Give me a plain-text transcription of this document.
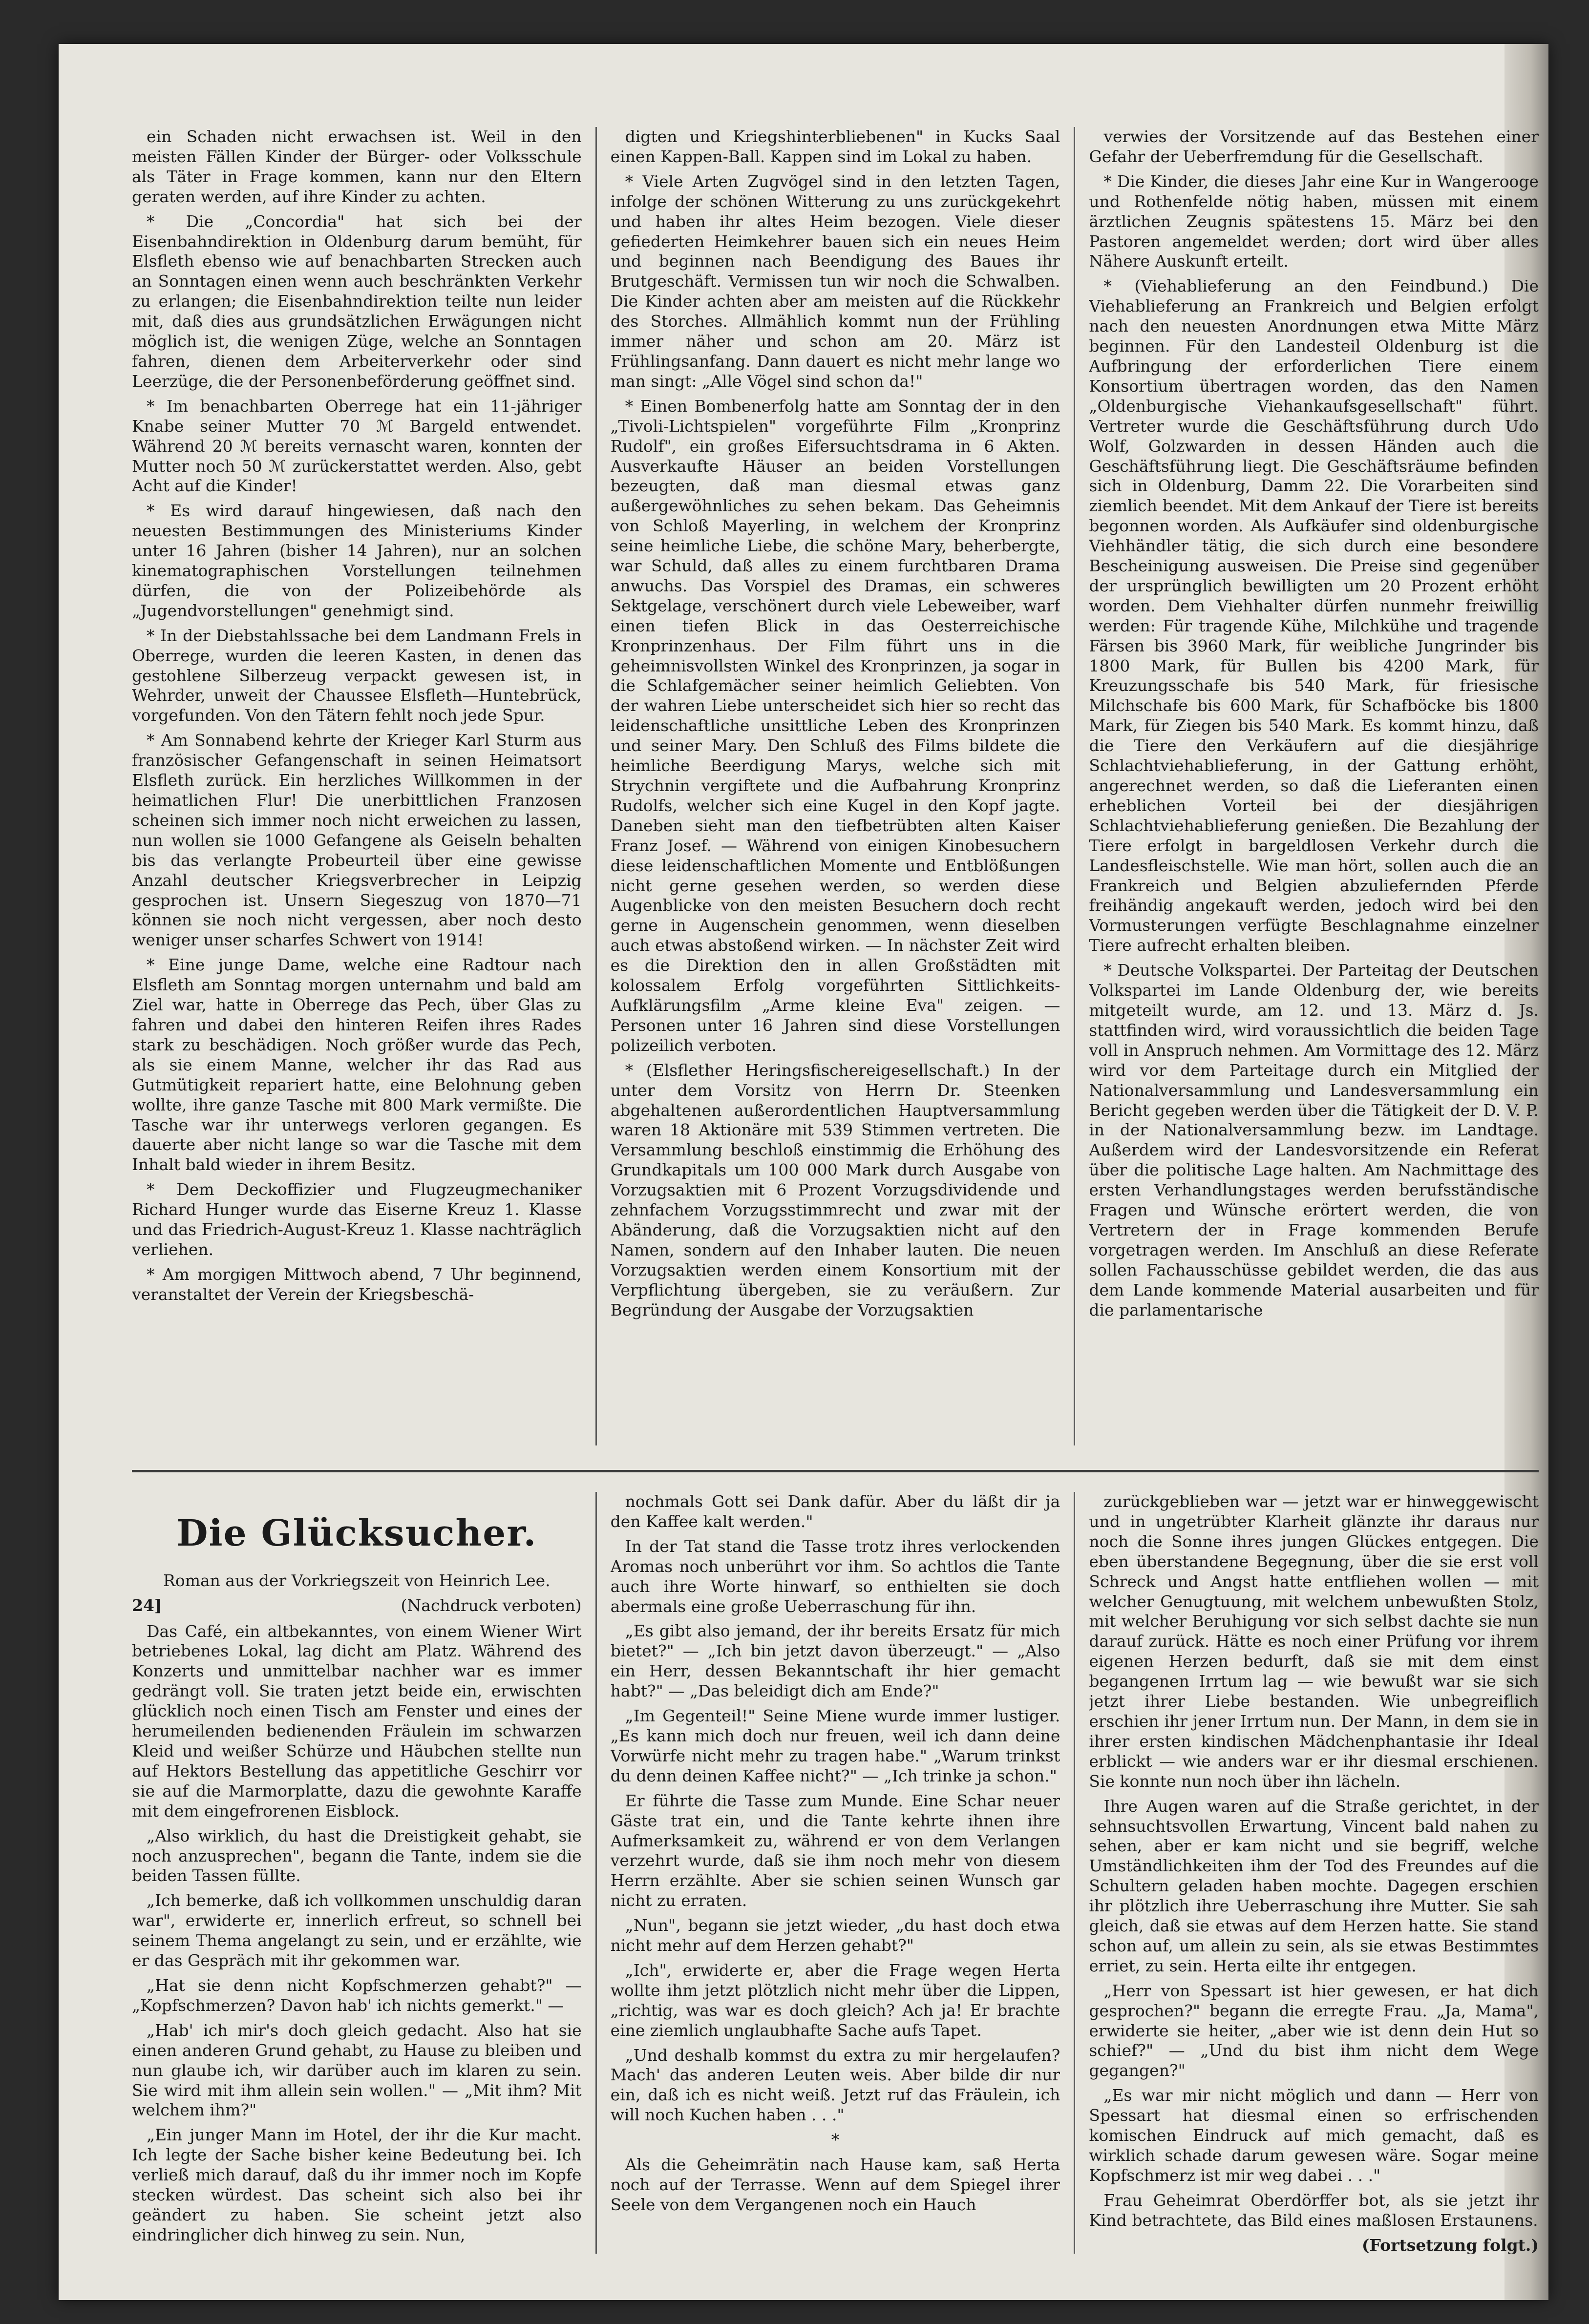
ein Schaden nicht erwachsen ist. Weil in den meisten Fällen Kinder der Bürger- oder Volksschule als Täter in Frage kommen, kann nur den Eltern geraten werden, auf ihre Kinder zu achten.

* Die „Concordia" hat sich bei der Eisenbahndirektion in Oldenburg darum bemüht, für Elsfleth ebenso wie auf benachbarten Strecken auch an Sonntagen einen wenn auch beschränkten Verkehr zu erlangen; die Eisenbahndirektion teilte nun leider mit, daß dies aus grundsätzlichen Erwägungen nicht möglich ist, die wenigen Züge, welche an Sonntagen fahren, dienen dem Arbeiterverkehr oder sind Leerzüge, die der Personenbeförderung geöffnet sind.

* Im benachbarten Oberrege hat ein 11-jähriger Knabe seiner Mutter 70 ℳ Bargeld entwendet. Während 20 ℳ bereits vernascht waren, konnten der Mutter noch 50 ℳ zurückerstattet werden. Also, gebt Acht auf die Kinder!

* Es wird darauf hingewiesen, daß nach den neuesten Bestimmungen des Ministeriums Kinder unter 16 Jahren (bisher 14 Jahren), nur an solchen kinematographischen Vorstellungen teilnehmen dürfen, die von der Polizeibehörde als „Jugendvorstellungen" genehmigt sind.

* In der Diebstahlssache bei dem Landmann Frels in Oberrege, wurden die leeren Kasten, in denen das gestohlene Silberzeug verpackt gewesen ist, in Wehrder, unweit der Chaussee Elsfleth—Huntebrück, vorgefunden. Von den Tätern fehlt noch jede Spur.

* Am Sonnabend kehrte der Krieger Karl Sturm aus französischer Gefangenschaft in seinen Heimatsort Elsfleth zurück. Ein herzliches Willkommen in der heimatlichen Flur! Die unerbittlichen Franzosen scheinen sich immer noch nicht erweichen zu lassen, nun wollen sie 1000 Gefangene als Geiseln behalten bis das verlangte Probeurteil über eine gewisse Anzahl deutscher Kriegsverbrecher in Leipzig gesprochen ist. Unsern Siegeszug von 1870—71 können sie noch nicht vergessen, aber noch desto weniger unser scharfes Schwert von 1914!

* Eine junge Dame, welche eine Radtour nach Elsfleth am Sonntag morgen unternahm und bald am Ziel war, hatte in Oberrege das Pech, über Glas zu fahren und dabei den hinteren Reifen ihres Rades stark zu beschädigen. Noch größer wurde das Pech, als sie einem Manne, welcher ihr das Rad aus Gutmütigkeit repariert hatte, eine Belohnung geben wollte, ihre ganze Tasche mit 800 Mark vermißte. Die Tasche war ihr unterwegs verloren gegangen. Es dauerte aber nicht lange so war die Tasche mit dem Inhalt bald wieder in ihrem Besitz.

* Dem Deckoffizier und Flugzeugmechaniker Richard Hunger wurde das Eiserne Kreuz 1. Klasse und das Friedrich-August-Kreuz 1. Klasse nachträglich verliehen.

* Am morgigen Mittwoch abend, 7 Uhr beginnend, veranstaltet der Verein der Kriegsbeschä-

digten und Kriegshinterbliebenen" in Kucks Saal einen Kappen-Ball. Kappen sind im Lokal zu haben.

* Viele Arten Zugvögel sind in den letzten Tagen, infolge der schönen Witterung zu uns zurückgekehrt und haben ihr altes Heim bezogen. Viele dieser gefiederten Heimkehrer bauen sich ein neues Heim und beginnen nach Beendigung des Baues ihr Brutgeschäft. Vermissen tun wir noch die Schwalben. Die Kinder achten aber am meisten auf die Rückkehr des Storches. Allmählich kommt nun der Frühling immer näher und schon am 20. März ist Frühlingsanfang. Dann dauert es nicht mehr lange wo man singt: „Alle Vögel sind schon da!"

* Einen Bombenerfolg hatte am Sonntag der in den „Tivoli-Lichtspielen" vorgeführte Film „Kronprinz Rudolf", ein großes Eifersuchtsdrama in 6 Akten. Ausverkaufte Häuser an beiden Vorstellungen bezeugten, daß man diesmal etwas ganz außergewöhnliches zu sehen bekam. Das Geheimnis von Schloß Mayerling, in welchem der Kronprinz seine heimliche Liebe, die schöne Mary, beherbergte, war Schuld, daß alles zu einem furchtbaren Drama anwuchs. Das Vorspiel des Dramas, ein schweres Sektgelage, verschönert durch viele Lebeweiber, warf einen tiefen Blick in das Oesterreichische Kronprinzenhaus. Der Film führt uns in die geheimnisvollsten Winkel des Kronprinzen, ja sogar in die Schlafgemächer seiner heimlich Geliebten. Von der wahren Liebe unterscheidet sich hier so recht das leidenschaftliche unsittliche Leben des Kronprinzen und seiner Mary. Den Schluß des Films bildete die heimliche Beerdigung Marys, welche sich mit Strychnin vergiftete und die Aufbahrung Kronprinz Rudolfs, welcher sich eine Kugel in den Kopf jagte. Daneben sieht man den tiefbetrübten alten Kaiser Franz Josef. — Während von einigen Kinobesuchern diese leidenschaftlichen Momente und Entblößungen nicht gerne gesehen werden, so werden diese Augenblicke von den meisten Besuchern doch recht gerne in Augenschein genommen, wenn dieselben auch etwas abstoßend wirken. — In nächster Zeit wird es die Direktion den in allen Großstädten mit kolossalem Erfolg vorgeführten Sittlichkeits-Aufklärungsfilm „Arme kleine Eva" zeigen. — Personen unter 16 Jahren sind diese Vorstellungen polizeilich verboten.

* (Elsflether Heringsfischereigesellschaft.) In der unter dem Vorsitz von Herrn Dr. Steenken abgehaltenen außerordentlichen Hauptversammlung waren 18 Aktionäre mit 539 Stimmen vertreten. Die Versammlung beschloß einstimmig die Erhöhung des Grundkapitals um 100 000 Mark durch Ausgabe von Vorzugsaktien mit 6 Prozent Vorzugsdividende und zehnfachem Vorzugsstimmrecht und zwar mit der Abänderung, daß die Vorzugsaktien nicht auf den Namen, sondern auf den Inhaber lauten. Die neuen Vorzugsaktien werden einem Konsortium mit der Verpflichtung übergeben, sie zu veräußern. Zur Begründung der Ausgabe der Vorzugsaktien

verwies der Vorsitzende auf das Bestehen einer Gefahr der Ueberfremdung für die Gesellschaft.

* Die Kinder, die dieses Jahr eine Kur in Wangerooge und Rothenfelde nötig haben, müssen mit einem ärztlichen Zeugnis spätestens 15. März bei den Pastoren angemeldet werden; dort wird über alles Nähere Auskunft erteilt.

* (Viehablieferung an den Feindbund.) Die Viehablieferung an Frankreich und Belgien erfolgt nach den neuesten Anordnungen etwa Mitte März beginnen. Für den Landesteil Oldenburg ist die Aufbringung der erforderlichen Tiere einem Konsortium übertragen worden, das den Namen „Oldenburgische Viehankaufsgesellschaft" führt. Vertreter wurde die Geschäftsführung durch Udo Wolf, Golzwarden in dessen Händen auch die Geschäftsführung liegt. Die Geschäftsräume befinden sich in Oldenburg, Damm 22. Die Vorarbeiten sind ziemlich beendet. Mit dem Ankauf der Tiere ist bereits begonnen worden. Als Aufkäufer sind oldenburgische Viehhändler tätig, die sich durch eine besondere Bescheinigung ausweisen. Die Preise sind gegenüber der ursprünglich bewilligten um 20 Prozent erhöht worden. Dem Viehhalter dürfen nunmehr freiwillig werden: Für tragende Kühe, Milchkühe und tragende Färsen bis 3960 Mark, für weibliche Jungrinder bis 1800 Mark, für Bullen bis 4200 Mark, für Kreuzungsschafe bis 540 Mark, für friesische Milchschafe bis 600 Mark, für Schafböcke bis 1800 Mark, für Ziegen bis 540 Mark. Es kommt hinzu, daß die Tiere den Verkäufern auf die diesjährige Schlachtviehablieferung, in der Gattung erhöht, angerechnet werden, so daß die Lieferanten einen erheblichen Vorteil bei der diesjährigen Schlachtviehablieferung genießen. Die Bezahlung der Tiere erfolgt in bargeldlosen Verkehr durch die Landesfleischstelle. Wie man hört, sollen auch die an Frankreich und Belgien abzuliefernden Pferde freihändig angekauft werden, jedoch wird bei den Vormusterungen verfügte Beschlagnahme einzelner Tiere aufrecht erhalten bleiben.

* Deutsche Volkspartei. Der Parteitag der Deutschen Volkspartei im Lande Oldenburg der, wie bereits mitgeteilt wurde, am 12. und 13. März d. Js. stattfinden wird, wird voraussichtlich die beiden Tage voll in Anspruch nehmen. Am Vormittage des 12. März wird vor dem Parteitage durch ein Mitglied der Nationalversammlung und Landesversammlung ein Bericht gegeben werden über die Tätigkeit der D. V. P. in der Nationalversammlung bezw. im Landtage. Außerdem wird der Landesvorsitzende ein Referat über die politische Lage halten. Am Nachmittage des ersten Verhandlungstages werden berufsständische Fragen und Wünsche erörtert werden, die von Vertretern der in Frage kommenden Berufe vorgetragen werden. Im Anschluß an diese Referate sollen Fachausschüsse gebildet werden, die das aus dem Lande kommende Material ausarbeiten und für die parlamentarische

Die Glücksucher.

Roman aus der Vorkriegszeit von Heinrich Lee.

24]	(Nachdruck verboten)

Das Café, ein altbekanntes, von einem Wiener Wirt betriebenes Lokal, lag dicht am Platz. Während des Konzerts und unmittelbar nachher war es immer gedrängt voll. Sie traten jetzt beide ein, erwischten glücklich noch einen Tisch am Fenster und eines der herumeilenden bedienenden Fräulein im schwarzen Kleid und weißer Schürze und Häubchen stellte nun auf Hektors Bestellung das appetitliche Geschirr vor sie auf die Marmorplatte, dazu die gewohnte Karaffe mit dem eingefrorenen Eisblock.

„Also wirklich, du hast die Dreistigkeit gehabt, sie noch anzusprechen", begann die Tante, indem sie die beiden Tassen füllte.

„Ich bemerke, daß ich vollkommen unschuldig daran war", erwiderte er, innerlich erfreut, so schnell bei seinem Thema angelangt zu sein, und er erzählte, wie er das Gespräch mit ihr gekommen war.

„Hat sie denn nicht Kopfschmerzen gehabt?" — „Kopfschmerzen? Davon hab' ich nichts gemerkt." —

„Hab' ich mir's doch gleich gedacht. Also hat sie einen anderen Grund gehabt, zu Hause zu bleiben und nun glaube ich, wir darüber auch im klaren zu sein. Sie wird mit ihm allein sein wollen." — „Mit ihm? Mit welchem ihm?"

„Ein junger Mann im Hotel, der ihr die Kur macht. Ich legte der Sache bisher keine Bedeutung bei. Ich verließ mich darauf, daß du ihr immer noch im Kopfe stecken würdest. Das scheint sich also bei ihr geändert zu haben. Sie scheint jetzt also eindringlicher dich hinweg zu sein. Nun,

nochmals Gott sei Dank dafür. Aber du läßt dir ja den Kaffee kalt werden."

In der Tat stand die Tasse trotz ihres verlockenden Aromas noch unberührt vor ihm. So achtlos die Tante auch ihre Worte hinwarf, so enthielten sie doch abermals eine große Ueberraschung für ihn.

„Es gibt also jemand, der ihr bereits Ersatz für mich bietet?" — „Ich bin jetzt davon überzeugt." — „Also ein Herr, dessen Bekanntschaft ihr hier gemacht habt?" — „Das beleidigt dich am Ende?"

„Im Gegenteil!" Seine Miene wurde immer lustiger. „Es kann mich doch nur freuen, weil ich dann deine Vorwürfe nicht mehr zu tragen habe." „Warum trinkst du denn deinen Kaffee nicht?" — „Ich trinke ja schon."

Er führte die Tasse zum Munde. Eine Schar neuer Gäste trat ein, und die Tante kehrte ihnen ihre Aufmerksamkeit zu, während er von dem Verlangen verzehrt wurde, daß sie ihm noch mehr von diesem Herrn erzählte. Aber sie schien seinen Wunsch gar nicht zu erraten.

„Nun", begann sie jetzt wieder, „du hast doch etwa nicht mehr auf dem Herzen gehabt?"

„Ich", erwiderte er, aber die Frage wegen Herta wollte ihm jetzt plötzlich nicht mehr über die Lippen, „richtig, was war es doch gleich? Ach ja! Er brachte eine ziemlich unglaubhafte Sache aufs Tapet.

„Und deshalb kommst du extra zu mir hergelaufen? Mach' das anderen Leuten weis. Aber bilde dir nur ein, daß ich es nicht weiß. Jetzt ruf das Fräulein, ich will noch Kuchen haben . . ."

*

Als die Geheimrätin nach Hause kam, saß Herta noch auf der Terrasse. Wenn auf dem Spiegel ihrer Seele von dem Vergangenen noch ein Hauch

zurückgeblieben war — jetzt war er hinweggewischt und in ungetrübter Klarheit glänzte ihr daraus nur noch die Sonne ihres jungen Glückes entgegen. Die eben überstandene Begegnung, über die sie erst voll Schreck und Angst hatte entfliehen wollen — mit welcher Genugtuung, mit welchem unbewußten Stolz, mit welcher Beruhigung vor sich selbst dachte sie nun darauf zurück. Hätte es noch einer Prüfung vor ihrem eigenen Herzen bedurft, daß sie mit dem einst begangenen Irrtum lag — wie bewußt war sie sich jetzt ihrer Liebe bestanden. Wie unbegreiflich erschien ihr jener Irrtum nun. Der Mann, in dem sie in ihrer ersten kindischen Mädchenphantasie ihr Ideal erblickt — wie anders war er ihr diesmal erschienen. Sie konnte nun noch über ihn lächeln.

Ihre Augen waren auf die Straße gerichtet, in der sehnsuchtsvollen Erwartung, Vincent bald nahen zu sehen, aber er kam nicht und sie begriff, welche Umständlichkeiten ihm der Tod des Freundes auf die Schultern geladen haben mochte. Dagegen erschien ihr plötzlich ihre Ueberraschung ihre Mutter. Sie sah gleich, daß sie etwas auf dem Herzen hatte. Sie stand schon auf, um allein zu sein, als sie etwas Bestimmtes erriet, zu sein. Herta eilte ihr entgegen.

„Herr von Spessart ist hier gewesen, er hat dich gesprochen?" begann die erregte Frau. „Ja, Mama", erwiderte sie heiter, „aber wie ist denn dein Hut so schief?" — „Und du bist ihm nicht dem Wege gegangen?"

„Es war mir nicht möglich und dann — Herr von Spessart hat diesmal einen so erfrischenden komischen Eindruck auf mich gemacht, daß es wirklich schade darum gewesen wäre. Sogar meine Kopfschmerz ist mir weg dabei . . ."

Frau Geheimrat Oberdörffer bot, als sie jetzt ihr Kind betrachtete, das Bild eines maßlosen Erstaunens.

(Fortsetzung folgt.)
